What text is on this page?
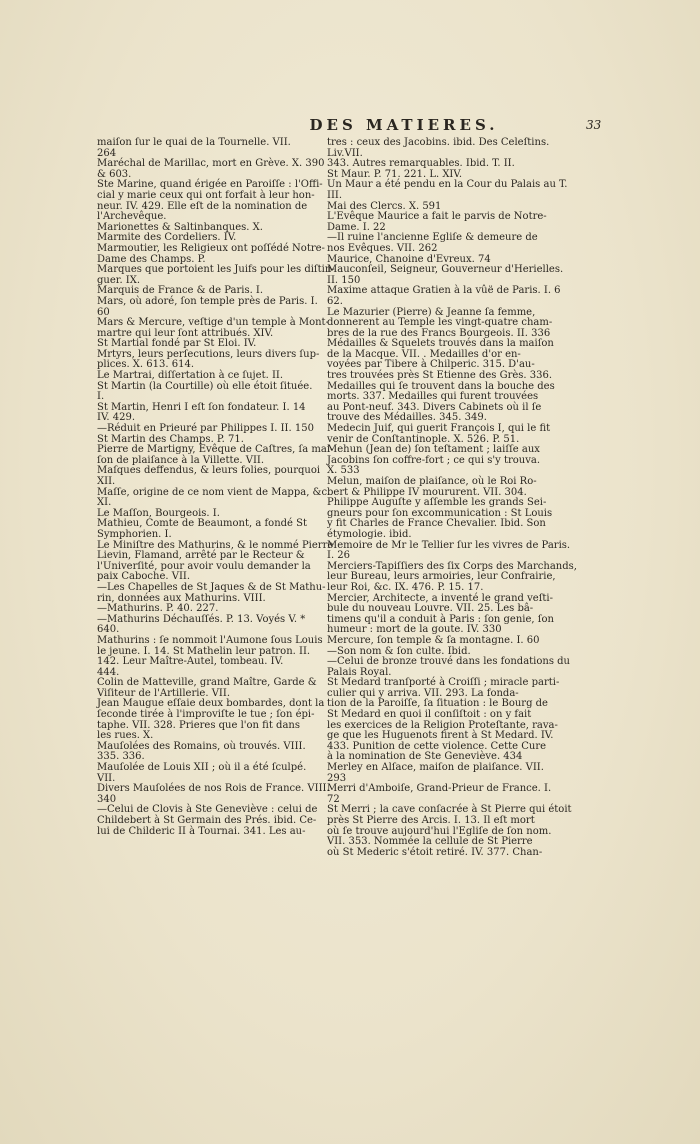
DES MATIERES.	33

maiſon ſur le quai de la Tournelle. VII.

264

Maréchal de Marillac, mort en Grève. X. 390

& 603.

Ste Marine, quand érigée en Paroiſſe : l'Offi-

cial y marie ceux qui ont forfait à leur hon-

neur. IV. 429. Elle eſt de la nomination de

l'Archevêque.

Marionettes & Saltinbanques. X.

Marmite des Cordeliers. IV.

Marmoutier, les Religieux ont poſſédé Notre-

Dame des Champs. P.

Marques que portoient les Juifs pour les diſtin-

guer. IX.

Marquis de France & de Paris. I.

Mars, où adoré, ſon temple près de Paris. I.

60

Mars & Mercure, veſtige d'un temple à Mont-

martre qui leur ſont attribués. XIV.

St Martial fondé par St Eloi. IV.

Mrtyrs, leurs perſecutions, leurs divers ſup-

plices. X. 613. 614.

Le Martrai, diſſertation à ce ſujet. II.

St Martin (la Courtille) où elle étoit ſituée.

I.

St Martin, Henri I eſt ſon fondateur. I. 14

IV. 429.

—Réduit en Prieuré par Philippes I. II. 150

St Martin des Champs. P. 71.

Pierre de Martigny, Evêque de Caſtres, ſa mai-

ſon de plaiſance à la Villette. VII.

Maſques deffendus, & leurs folies, pourquoi

XII.

Maſſe, origine de ce nom vient de Mappa, &c.

XI.

Le Maſſon, Bourgeois. I.

Mathieu, Comte de Beaumont, a fondé St

Symphorien. I.

Le Miniſtre des Mathurins, & le nommé Pierre

Lievin, Flamand, arrêté par le Recteur &

l'Univerſité, pour avoir voulu demander la

paix Caboche. VII.

—Les Chapelles de St Jaques & de St Mathu-

rin, données aux Mathurins. VIII.

—Mathurins. P. 40. 227.

—Mathurins Déchauſſés. P. 13. Voyés V. *

640.

Mathurins : ſe nommoit l'Aumone ſous Louis

le jeune. I. 14. St Mathelin leur patron. II.

142. Leur Maître-Autel, tombeau. IV.

444.

Colin de Matteville, grand Maître, Garde &

Viſiteur de l'Artillerie. VII.

Jean Maugue eſſaie deux bombardes, dont la

ſeconde tirée à l'improviſte le tue ; ſon épi-

taphe. VII. 328. Prieres que l'on fit dans

les rues. X.

Mauſolées des Romains, où trouvés. VIII.

335. 336.

Mauſolée de Louis XII ; où il a été ſculpé.

VII.

Divers Mauſolées de nos Rois de France. VIII.

340

—Celui de Clovis à Ste Geneviève : celui de

Childebert à St Germain des Prés. ibid. Ce-

lui de Childeric II à Tournai. 341. Les au-

tres : ceux des Jacobins. ibid. Des Celeſtins. Liv.VII.

343. Autres remarquables. Ibid. T. II.

St Maur. P. 71. 221. L. XIV.

Un Maur a été pendu en la Cour du Palais au T. III.

Mai des Clercs. X. 591

L'Evêque Maurice a fait le parvis de Notre-

Dame. I. 22

—Il ruine l'ancienne Egliſe & demeure de

nos Evêques. VII. 262

Maurice, Chanoine d'Evreux. 74

Mauconſeil, Seigneur, Gouverneur d'Herielles.

II. 150

Maxime attaque Gratien à la vûë de Paris. I. 6

62.

Le Mazurier (Pierre) & Jeanne ſa femme,

donnerent au Temple les vingt-quatre cham-

bres de la rue des Francs Bourgeois. II. 336

Médailles & Squelets trouvés dans la maiſon

de la Macque. VII. . Medailles d'or en-

voyées par Tibere à Chilperic. 315. D'au-

tres trouvées près St Etienne des Grès. 336.

Medailles qui ſe trouvent dans la bouche des

morts. 337. Medailles qui furent trouvées

au Pont-neuf. 343. Divers Cabinets où il ſe

trouve des Médailles. 345. 349.

Medecin Juif, qui guerit François I, qui le fit

venir de Conſtantinople. X. 526. P. 51.

Mehun (Jean de) ſon teſtament ; laiſſe aux

Jacobins ſon coffre-fort ; ce qui s'y trouva.

X. 533

Melun, maiſon de plaiſance, où le Roi Ro-

bert & Philippe IV moururent. VII. 304.

Philippe Auguſte y aſſemble les grands Sei-

gneurs pour ſon excommunication : St Louis

y fit Charles de France Chevalier. Ibid. Son

étymologie. ibid.

Memoire de Mr le Tellier ſur les vivres de Paris.

I. 26

Merciers-Tapiſſiers des ſix Corps des Marchands,

leur Bureau, leurs armoiries, leur Confrairie,

leur Roi, &c. IX. 476. P. 15. 17.

Mercier, Architecte, a inventé le grand veſti-

bule du nouveau Louvre. VII. 25. Les bâ-

timens qu'il a conduit à Paris : ſon genie, ſon

humeur : mort de la goute. IV. 330

Mercure, ſon temple & ſa montagne. I. 60

—Son nom & ſon culte. Ibid.

—Celui de bronze trouvé dans les fondations du

Palais Royal.

St Medard tranſporté à Croiſſi ; miracle parti-

culier qui y arriva. VII. 293. La fonda-

tion de la Paroiſſe, ſa ſituation : le Bourg de

St Medard en quoi il conſiſtoit : on y fait

les exercices de la Religion Proteſtante, rava-

ge que les Huguenots firent à St Medard. IV.

433. Punition de cette violence. Cette Cure

à la nomination de Ste Geneviève. 434

Merley en Alſace, maiſon de plaiſance. VII.

293

Merri d'Amboiſe, Grand-Prieur de France. I.

72

St Merri ; la cave conſacrée à St Pierre qui étoit

près St Pierre des Arcis. I. 13. Il eſt mort

où ſe trouve aujourd'hui l'Egliſe de ſon nom.

VII. 353. Nommée la cellule de St Pierre

où St Mederic s'étoit retiré. IV. 377. Chan-
